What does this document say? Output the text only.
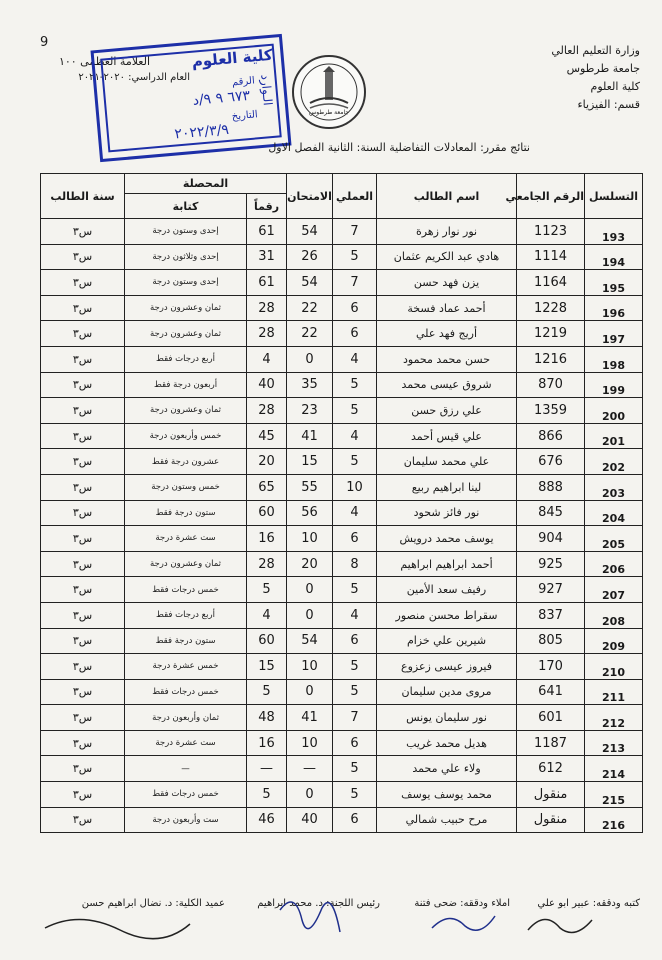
9
العلامة العظمى ١٠٠
العام الدراسي: ٢٠٢٠-٢٠٢١
وزارة التعليم العالي
جامعة طرطوس
كلية العلوم
قسم: الفيزياء
كلية العلوم
الـوارد
الرقم
٦٧٣ ٩ ٩/د
التاريخ
٢٠٢٢/٣/٩
جامعة طرطوس
نتائج مقرر: المعادلات التفاضلية السنة: الثانية الفصل الاول
التسلسل	الرقم الجامعي	اسم الطالب	العملي	الامتحان	المحصلة		سنة الطالب
					رقماً	كتابة	
193	1123	نور نوار زهرة	7	54	61	إحدى وستون درجة	س٣
194	1114	هادي عبد الكريم عثمان	5	26	31	إحدى وثلاثون درجة	س٣
195	1164	يزن فهد حسن	7	54	61	إحدى وستون درجة	س٣
196	1228	أحمد عماد فسخة	6	22	28	ثمان وعشرون درجة	س٣
197	1219	أريج فهد علي	6	22	28	ثمان وعشرون درجة	س٣
198	1216	حسن محمد محمود	4	0	4	أربع درجات فقط	س٣
199	870	شروق عيسى محمد	5	35	40	أربعون درجة فقط	س٣
200	1359	علي رزق حسن	5	23	28	ثمان وعشرون درجة	س٣
201	866	علي قيس أحمد	4	41	45	خمس وأربعون درجة	س٣
202	676	علي محمد سليمان	5	15	20	عشرون درجة فقط	س٣
203	888	لينا ابراهيم ربيع	10	55	65	خمس وستون درجة	س٣
204	845	نور فائز شحود	4	56	60	ستون درجة فقط	س٣
205	904	يوسف محمد درويش	6	10	16	ست عشرة درجة	س٣
206	925	أحمد ابراهيم ابراهيم	8	20	28	ثمان وعشرون درجة	س٣
207	927	رفيف سعد الأمين	5	0	5	خمس درجات فقط	س٣
208	837	سقراط محسن منصور	4	0	4	أربع درجات فقط	س٣
209	805	شيرين علي خزام	6	54	60	ستون درجة فقط	س٣
210	170	فيروز عيسى زعزوع	5	10	15	خمس عشرة درجة	س٣
211	641	مروى مدين سليمان	5	0	5	خمس درجات فقط	س٣
212	601	نور سليمان يونس	7	41	48	ثمان وأربعون درجة	س٣
213	1187	هديل محمد غريب	6	10	16	ست عشرة درجة	س٣
214	612	ولاء علي محمد	5	—	—	—	س٣
215	منقول	محمد يوسف يوسف	5	0	5	خمس درجات فقط	س٣
216	منقول	مرح حبيب شمالي	6	40	46	ست وأربعون درجة	س٣
كتبه ودققه: عبير ابو علي
املاء ودققه: ضحى فتنة
رئيس اللجنة: د. محمد ابراهيم
عميد الكلية: د. نضال ابراهيم حسن
